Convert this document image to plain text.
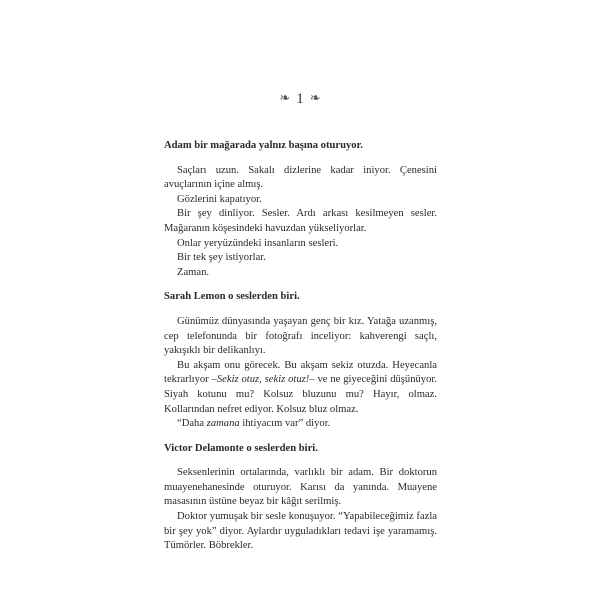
❧ 1 ❧

Adam bir mağarada yalnız başına oturuyor.

Saçları uzun. Sakalı dizlerine kadar iniyor. Çenesini avuçlarının içine almış.

Gözlerini kapatıyor.

Bir şey dinliyor. Sesler. Ardı arkası kesilmeyen sesler. Mağaranın köşesindeki havuzdan yükseliyorlar.

Onlar yeryüzündeki insanların sesleri.

Bir tek şey istiyorlar.

Zaman.

Sarah Lemon o seslerden biri.

Günümüz dünyasında yaşayan genç bir kız. Yatağa uzanmış, cep telefonunda bir fotoğrafı inceliyor: kahverengi saçlı, yakışıklı bir delikanlıyı.

Bu akşam onu görecek. Bu akşam sekiz otuzda. Heyecanla tekrarlıyor –Sekiz otuz, sekiz otuz!– ve ne giyeceğini düşünüyor. Siyah kotunu mu? Kolsuz bluzunu mu? Hayır, olmaz. Kollarından nefret ediyor. Kolsuz bluz olmaz.

“Daha zamana ihtiyacım var” diyor.

Victor Delamonte o seslerden biri.

Seksenlerinin ortalarında, varlıklı bir adam. Bir doktorun muayenehanesinde oturuyor. Karısı da yanında. Muayene masasının üstüne beyaz bir kâğıt serilmiş.

Doktor yumuşak bir sesle konuşuyor. “Yapabileceğimiz fazla bir şey yok” diyor. Aylardır uyguladıkları tedavi işe yaramamış. Tümörler. Böbrekler.
